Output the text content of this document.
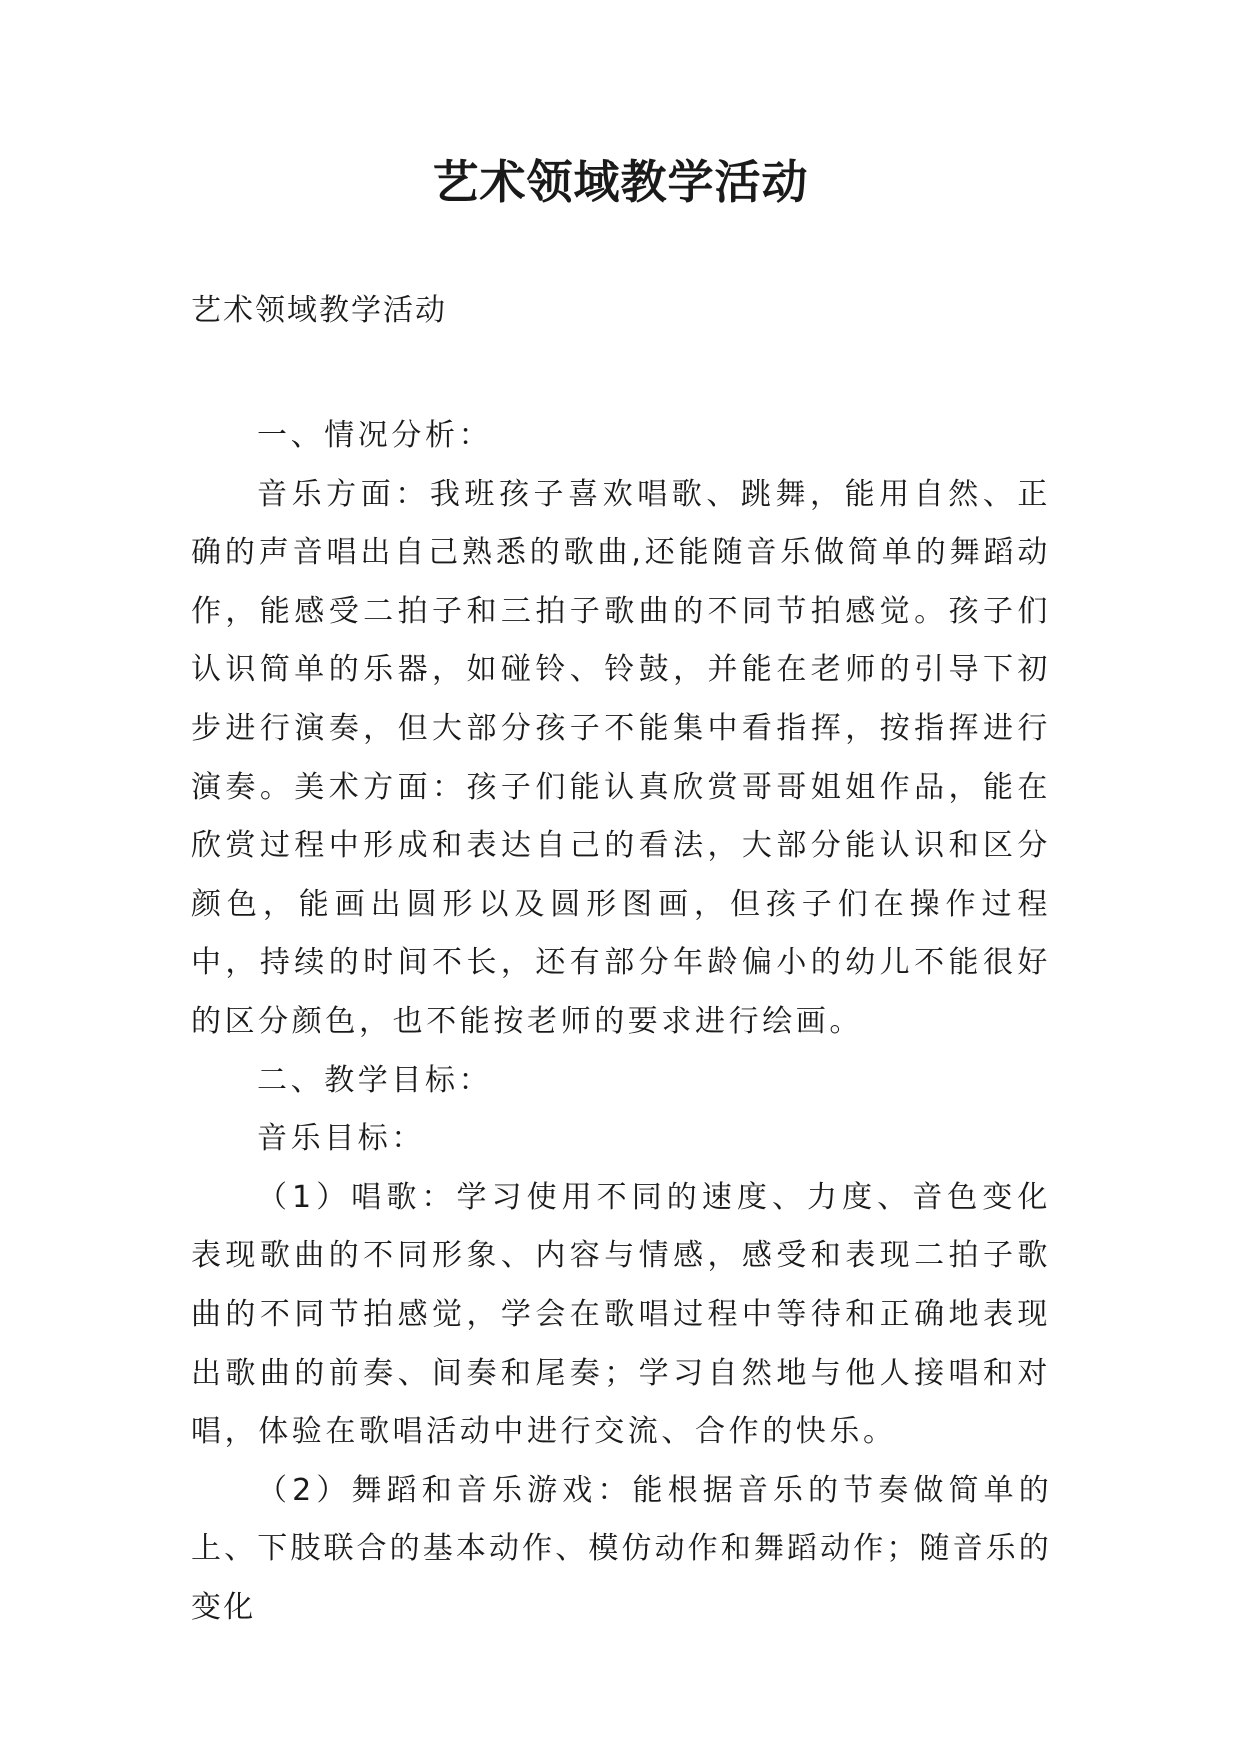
艺术领域教学活动
艺术领域教学活动

一、情况分析：

音乐方面：我班孩子喜欢唱歌、跳舞，能用自然、正确的声音唱出自己熟悉的歌曲,还能随音乐做简单的舞蹈动作，能感受二拍子和三拍子歌曲的不同节拍感觉。孩子们认识简单的乐器，如碰铃、铃鼓，并能在老师的引导下初步进行演奏，但大部分孩子不能集中看指挥，按指挥进行演奏。美术方面：孩子们能认真欣赏哥哥姐姐作品，能在欣赏过程中形成和表达自己的看法，大部分能认识和区分颜色，能画出圆形以及圆形图画，但孩子们在操作过程中，持续的时间不长，还有部分年龄偏小的幼儿不能很好的区分颜色，也不能按老师的要求进行绘画。

二、教学目标：

音乐目标：

（1）唱歌：学习使用不同的速度、力度、音色变化表现歌曲的不同形象、内容与情感，感受和表现二拍子歌曲的不同节拍感觉，学会在歌唱过程中等待和正确地表现出歌曲的前奏、间奏和尾奏；学习自然地与他人接唱和对唱，体验在歌唱活动中进行交流、合作的快乐。

（2）舞蹈和音乐游戏：能根据音乐的节奏做简单的上、下肢联合的基本动作、模仿动作和舞蹈动作；随音乐的变化
